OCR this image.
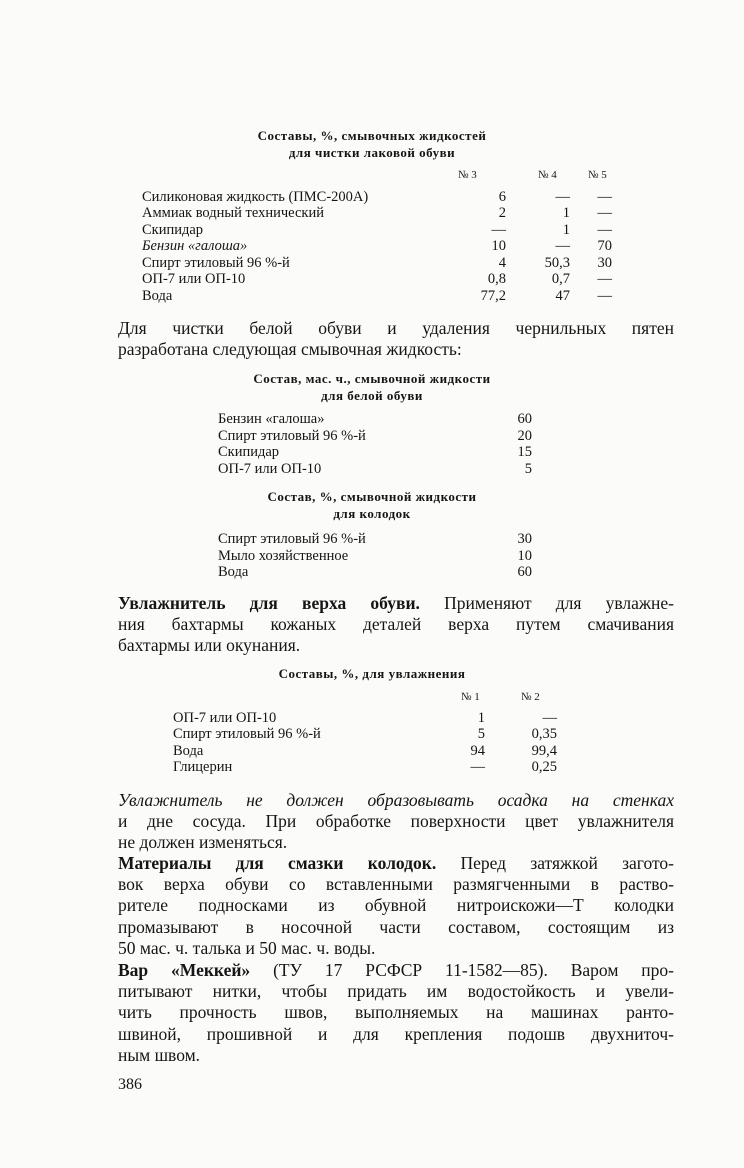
Составы, %, смывочных жидкостей
для чистки лаковой обуви
№ 3	№ 4	№ 5
Силиконовая жидкость (ПМС-200А)	6	—	—
Аммиак водный технический	2	1	—
Скипидар	—	1	—
Бензин «галоша»	10	—	70
Спирт этиловый 96 %-й	4	50,3	30
ОП-7 или ОП-10	0,8	0,7	—
Вода	77,2	47	—
Для чистки белой обуви и удаления чернильных пятен
разработана следующая смывочная жидкость:
Состав, мас. ч., смывочной жидкости
для белой обуви
Бензин «галоша»	60
Спирт этиловый 96 %-й	20
Скипидар	15
ОП-7 или ОП-10	5
Состав, %, смывочной жидкости
для колодок
Спирт этиловый 96 %-й	30
Мыло хозяйственное	10
Вода	60
Увлажнитель для верха обуви. Применяют для увлажне-
ния бахтармы кожаных деталей верха путем смачивания
бахтармы или окунания.
Составы, %, для увлажнения
№ 1	№ 2
ОП-7 или ОП-10	1	—
Спирт этиловый 96 %-й	5	0,35
Вода	94	99,4
Глицерин	—	0,25
Увлажнитель не должен образовывать осадка на стенках
и дне сосуда. При обработке поверхности цвет увлажнителя
не должен изменяться.
Материалы для смазки колодок. Перед затяжкой загото-
вок верха обуви со вставленными размягченными в раство-
рителе подносками из обувной нитроискожи—Т колодки
промазывают в носочной части составом, состоящим из
50 мас. ч. талька и 50 мас. ч. воды.
Вар «Меккей» (ТУ 17 РСФСР 11-1582—85). Варом про-
питывают нитки, чтобы придать им водостойкость и увели-
чить прочность швов, выполняемых на машинах ранто-
швиной, прошивной и для крепления подошв двухниточ-
ным швом.
386
